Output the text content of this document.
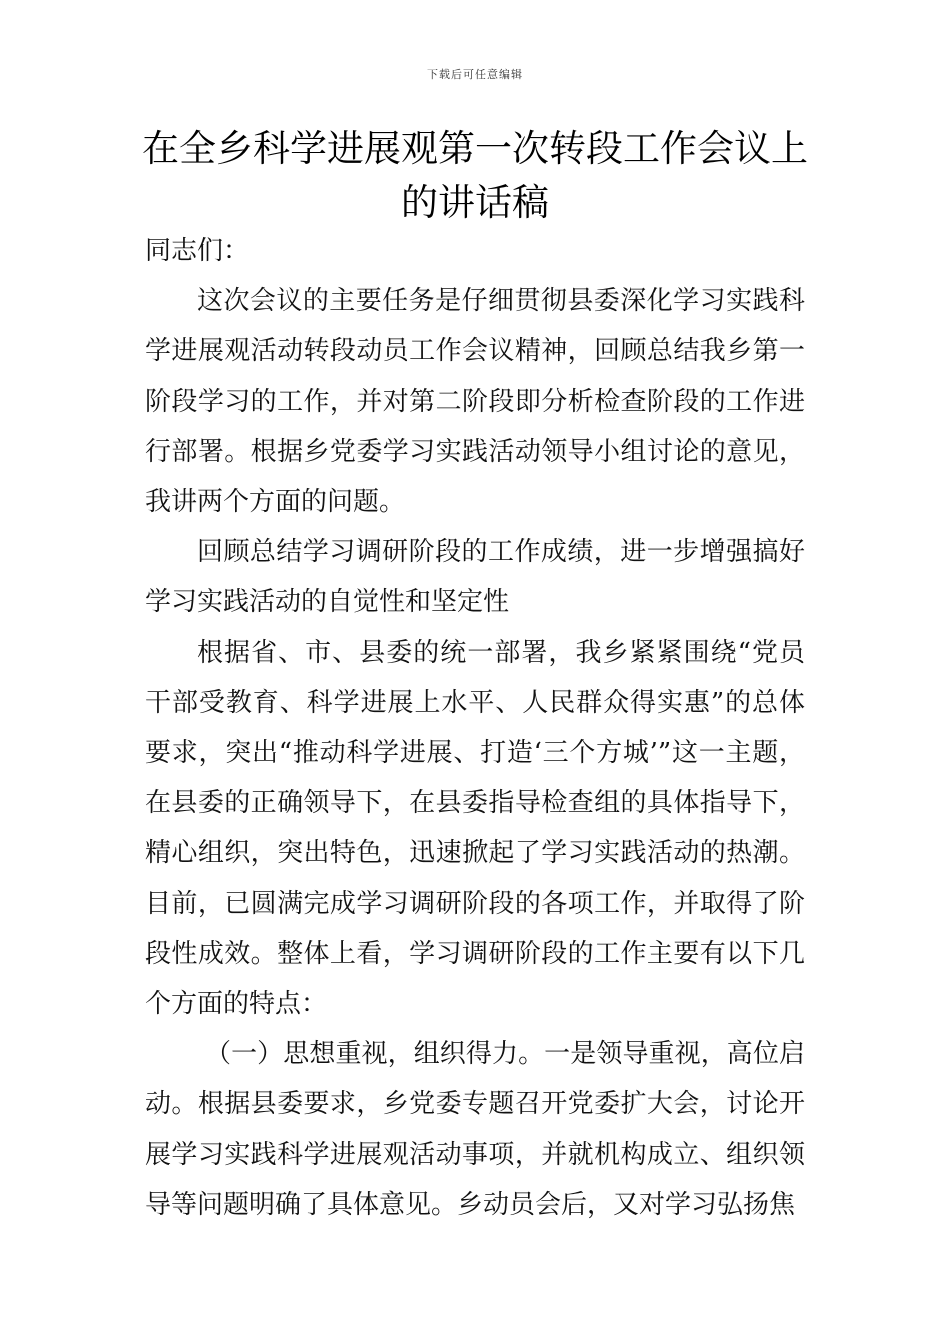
下载后可任意编辑
在全乡科学进展观第一次转段工作会议上的讲话稿

同志们：

这次会议的主要任务是仔细贯彻县委深化学习实践科学进展观活动转段动员工作会议精神，回顾总结我乡第一阶段学习的工作，并对第二阶段即分析检查阶段的工作进行部署。根据乡党委学习实践活动领导小组讨论的意见，我讲两个方面的问题。

回顾总结学习调研阶段的工作成绩，进一步增强搞好学习实践活动的自觉性和坚定性

根据省、市、县委的统一部署，我乡紧紧围绕“党员干部受教育、科学进展上水平、人民群众得实惠”的总体要求，突出“推动科学进展、打造‘三个方城’”这一主题，在县委的正确领导下，在县委指导检查组的具体指导下，精心组织，突出特色，迅速掀起了学习实践活动的热潮。目前，已圆满完成学习调研阶段的各项工作，并取得了阶段性成效。整体上看，学习调研阶段的工作主要有以下几个方面的特点：

（一）思想重视，组织得力。一是领导重视，高位启动。根据县委要求，乡党委专题召开党委扩大会，讨论开展学习实践科学进展观活动事项，并就机构成立、组织领导等问题明确了具体意见。乡动员会后，又对学习弘扬焦
